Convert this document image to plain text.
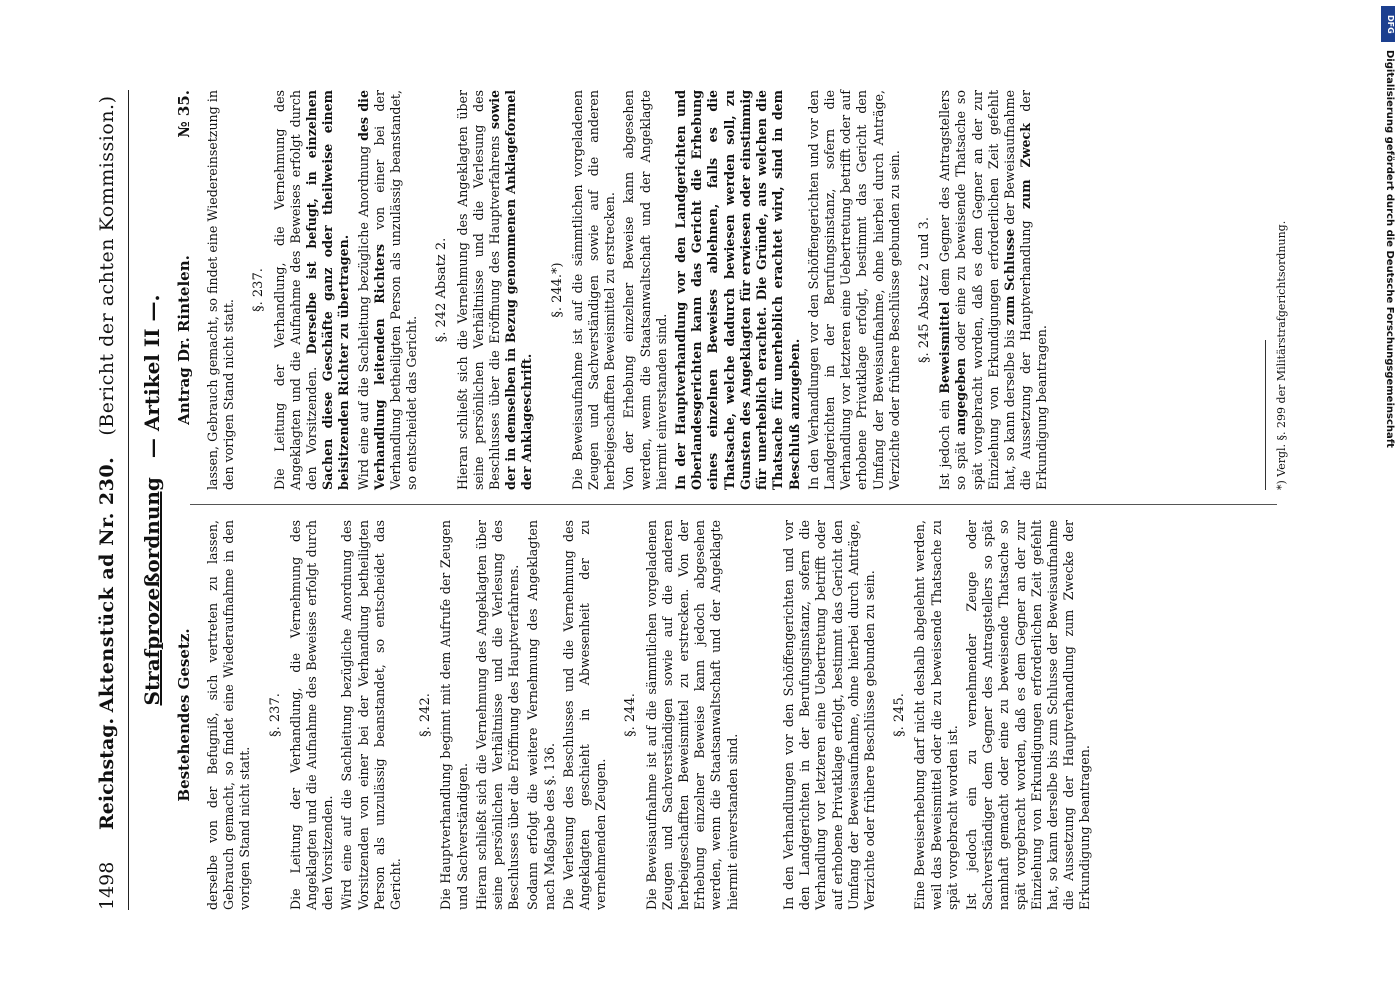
1498
Reichstag.
Aktenstück ad Nr. 230. (Bericht der achten Kommission.)
Strafprozeßordnung — Artikel II —.
Bestehendes Gesetz.
Antrag Dr. Rintelen.
№ 35.

derselbe von der Befugniß, sich vertreten zu lassen, Gebrauch gemacht, so findet eine Wiederaufnahme in den vorigen Stand nicht statt.

§. 237. Die Leitung der Verhandlung, die Vernehmung des Angeklagten und die Aufnahme des Beweises erfolgt durch den Vorsitzenden. Wird eine auf die Sachleitung bezügliche Anordnung des Vorsitzenden von einer bei der Verhandlung betheiligten Person als unzulässig beanstandet, so entscheidet das Gericht.

§. 242. Die Hauptverhandlung beginnt mit dem Aufrufe der Zeugen und Sachverständigen. Hieran schließt sich die Vernehmung des Angeklagten über seine persönlichen Verhältnisse und die Verlesung des Beschlusses über die Eröffnung des Hauptverfahrens. Sodann erfolgt die weitere Vernehmung des Angeklagten nach Maßgabe des §. 136. Die Verlesung des Beschlusses und die Vernehmung des Angeklagten geschieht in Abwesenheit der zu vernehmenden Zeugen.

§. 244. Die Beweisaufnahme ist auf die sämmtlichen vorgeladenen Zeugen und Sachverständigen sowie auf die anderen herbeigeschafften Beweismittel zu erstrecken. Von der Erhebung einzelner Beweise kann jedoch abgesehen werden, wenn die Staatsanwaltschaft und der Angeklagte hiermit einverstanden sind.	In den Verhandlungen vor den Schöffengerichten und vor den Landgerichten in der Berufungsinstanz, sofern die Verhandlung vor letzteren eine Uebertretung betrifft oder auf erhobene Privatklage erfolgt, bestimmt das Gericht den Umfang der Beweisaufnahme, ohne hierbei durch Anträge, Verzichte oder frühere Beschlüsse gebunden zu sein. §. 245. Eine Beweiserhebung darf nicht deshalb abgelehnt werden, weil das Beweismittel oder die zu beweisende Thatsache zu spät vorgebracht worden ist. Ist jedoch ein zu vernehmender Zeuge oder Sachverständiger dem Gegner des Antragstellers so spät namhaft gemacht oder eine zu beweisende Thatsache so spät vorgebracht worden, daß es dem Gegner an der zur Einziehung von Erkundigungen erforderlichen Zeit gefehlt hat, so kann derselbe bis zum Schlusse der Beweisaufnahme die Aussetzung der Hauptverhandlung zum Zwecke der Erkundigung beantragen.

lassen, Gebrauch gemacht, so findet eine Wiedereinsetzung in den vorigen Stand nicht statt.

§. 237. Die Leitung der Verhandlung, die Vernehmung des Angeklagten und die Aufnahme des Beweises erfolgt durch den Vorsitzenden. Derselbe ist befugt, in einzelnen Sachen diese Geschäfte ganz oder theilweise einem beisitzenden Richter zu übertragen. Wird eine auf die Sachleitung bezügliche Anordnung des die Verhandlung leitenden Richters von einer bei der Verhandlung betheiligten Person als unzulässig beanstandet, so entscheidet das Gericht.

§. 242 Absatz 2. Hieran schließt sich die Vernehmung des Angeklagten über seine persönlichen Verhältnisse und die Verlesung des Beschlusses über die Eröffnung des Hauptverfahrens sowie der in demselben in Bezug genommenen Anklageformel der Anklageschrift.

§. 244.*) Die Beweisaufnahme ist auf die sämmtlichen vorgeladenen Zeugen und Sachverständigen sowie auf die anderen herbeigeschafften Beweismittel zu erstrecken. Von der Erhebung einzelner Beweise kann abgesehen werden, wenn die Staatsanwaltschaft und der Angeklagte hiermit einverstanden sind. In der Hauptverhandlung vor den Landgerichten und Oberlandesgerichten kann das Gericht die Erhebung eines einzelnen Beweises ablehnen, falls es die Thatsache, welche dadurch bewiesen werden soll, zu Gunsten des Angeklagten für erwiesen oder einstimmig für unerheblich erachtet. Die Gründe, aus welchen die Thatsache für unerheblich erachtet wird, sind in dem Beschluß anzugeben. In den Verhandlungen vor den Schöffengerichten und vor den Landgerichten in der Berufungsinstanz, sofern die Verhandlung vor letzteren eine Uebertretung betrifft oder auf erhobene Privatklage erfolgt, bestimmt das Gericht den Umfang der Beweisaufnahme, ohne hierbei durch Anträge, Verzichte oder frühere Beschlüsse gebunden zu sein. §. 245 Absatz 2 und 3.

Ist jedoch ein Beweismittel dem Gegner des Antragstellers so spät angegeben oder eine zu beweisende Thatsache so spät vorgebracht worden, daß es dem Gegner an der zur Einziehung von Erkundigungen erforderlichen Zeit gefehlt hat, so kann derselbe bis zum Schlusse der Beweisaufnahme die Aussetzung der Hauptverhandlung zum Zweck der Erkundigung beantragen.	*) Vergl. §. 299 der Militärstrafgerichtsordnung.
DFG
Digitalisierung gefördert durch die Deutsche Forschungsgemeinschaft
